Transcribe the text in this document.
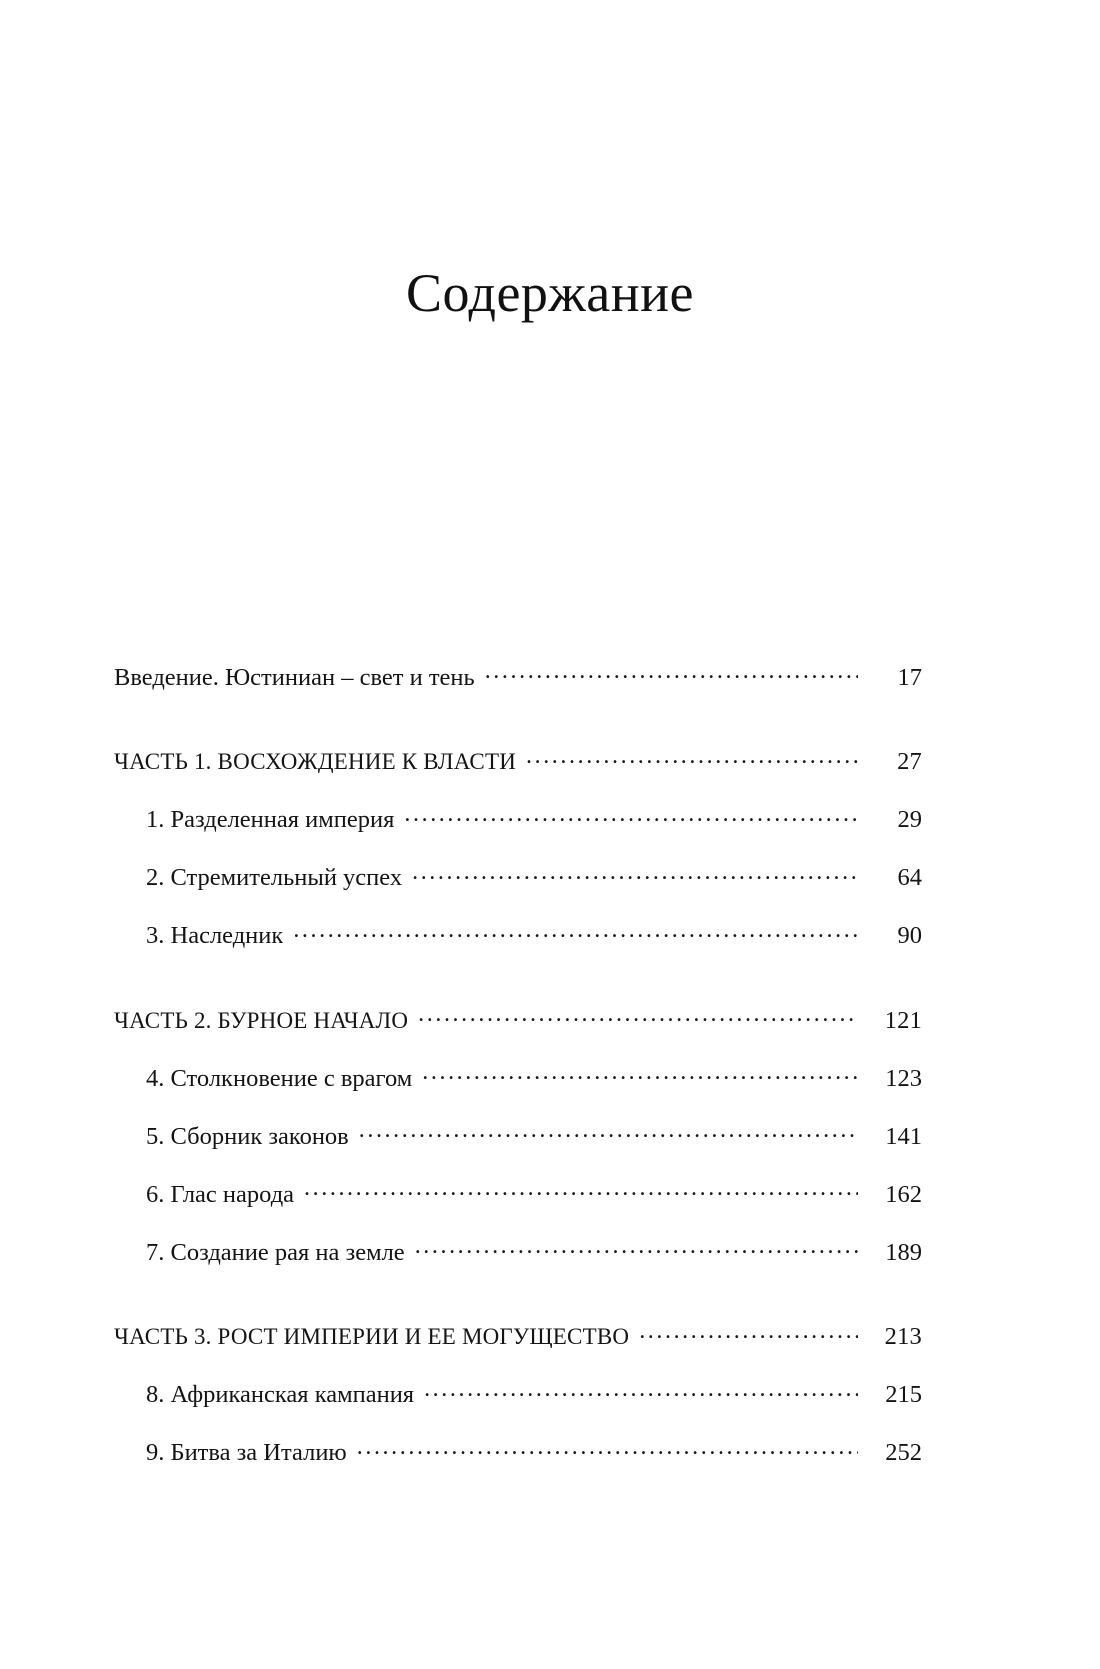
Содержание
Введение. Юстиниан – свет и тень .....	17
ЧАСТЬ 1. ВОСХОЖДЕНИЕ К ВЛАСТИ .....	27
1. Разделенная империя .....	29
2. Стремительный успех .....	64
3. Наследник .....	90
ЧАСТЬ 2. БУРНОЕ НАЧАЛО .....	121
4. Столкновение с врагом .....	123
5. Сборник законов .....	141
6. Глас народа .....	162
7. Создание рая на земле .....	189
ЧАСТЬ 3. РОСТ ИМПЕРИИ И ЕЕ МОГУЩЕСТВО .....	213
8. Африканская кампания .....	215
9. Битва за Италию .....	252
